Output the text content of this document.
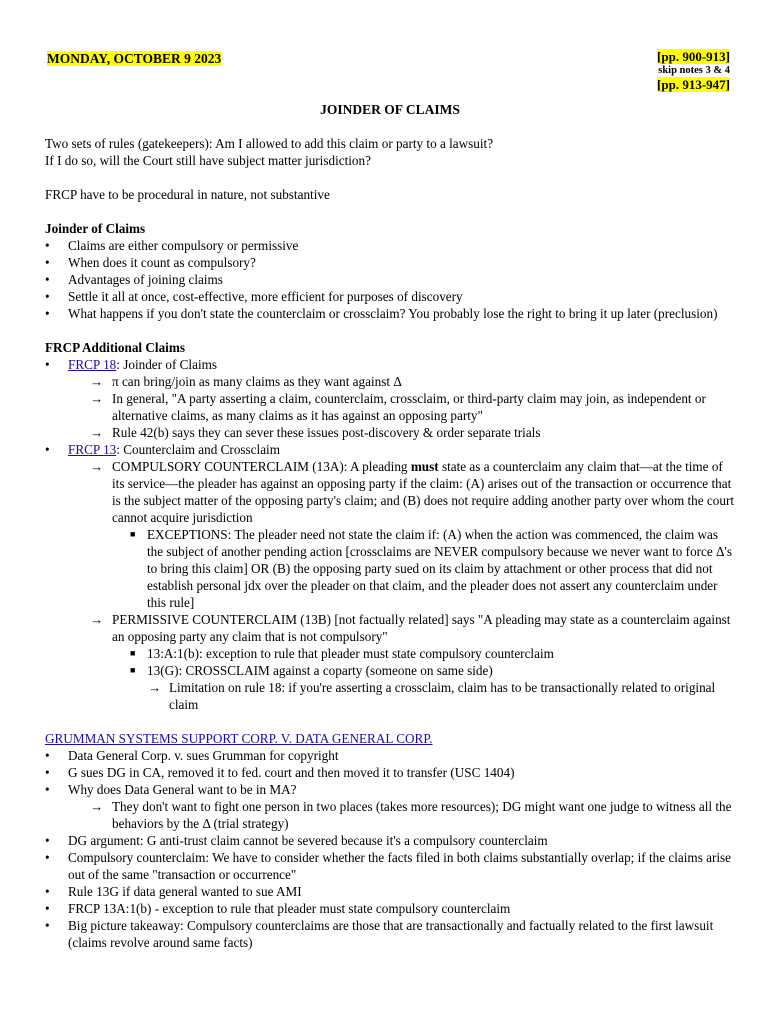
MONDAY, OCTOBER 9 2023	[pp. 900-913]
skip notes 3 & 4
[pp. 913-947]
JOINDER OF CLAIMS

Two sets of rules (gatekeepers): Am I allowed to add this claim or party to a lawsuit?

If I do so, will the Court still have subject matter jurisdiction?

FRCP have to be procedural in nature, not substantive

Joinder of Claims

• Claims are either compulsory or permissive
• When does it count as compulsory?
• Advantages of joining claims
• Settle it all at once, cost-effective, more efficient for purposes of discovery
• What happens if you don't state the counterclaim or crossclaim? You probably lose the right to bring it up later (preclusion)

FRCP Additional Claims

• FRCP 18: Joinder of Claims
→ π can bring/join as many claims as they want against Δ
→ In general, "A party asserting a claim, counterclaim, crossclaim, or third-party claim may join, as independent or alternative claims, as many claims as it has against an opposing party"
→ Rule 42(b) says they can sever these issues post-discovery & order separate trials
• FRCP 13: Counterclaim and Crossclaim
→ COMPULSORY COUNTERCLAIM (13A): A pleading must state as a counterclaim any claim that—at the time of its service—the pleader has against an opposing party if the claim: (A) arises out of the transaction or occurrence that is the subject matter of the opposing party's claim; and (B) does not require adding another party over whom the court cannot acquire jurisdiction
■ EXCEPTIONS: The pleader need not state the claim if: (A) when the action was commenced, the claim was the subject of another pending action [crossclaims are NEVER compulsory because we never want to force Δ's to bring this claim] OR (B) the opposing party sued on its claim by attachment or other process that did not establish personal jdx over the pleader on that claim, and the pleader does not assert any counterclaim under this rule]
→ PERMISSIVE COUNTERCLAIM (13B) [not factually related] says "A pleading may state as a counterclaim against an opposing party any claim that is not compulsory"
■ 13:A:1(b): exception to rule that pleader must state compulsory counterclaim
■ 13(G): CROSSCLAIM against a coparty (someone on same side)
→ Limitation on rule 18: if you're asserting a crossclaim, claim has to be transactionally related to original claim

GRUMMAN SYSTEMS SUPPORT CORP. V. DATA GENERAL CORP.

• Data General Corp. v. sues Grumman for copyright
• G sues DG in CA, removed it to fed. court and then moved it to transfer (USC 1404)
• Why does Data General want to be in MA?
→ They don't want to fight one person in two places (takes more resources); DG might want one judge to witness all the behaviors by the Δ (trial strategy)
• DG argument: G anti-trust claim cannot be severed because it's a compulsory counterclaim
• Compulsory counterclaim: We have to consider whether the facts filed in both claims substantially overlap; if the claims arise out of the same "transaction or occurrence"
• Rule 13G if data general wanted to sue AMI
• FRCP 13A:1(b) - exception to rule that pleader must state compulsory counterclaim
• Big picture takeaway: Compulsory counterclaims are those that are transactionally and factually related to the first lawsuit (claims revolve around same facts)
